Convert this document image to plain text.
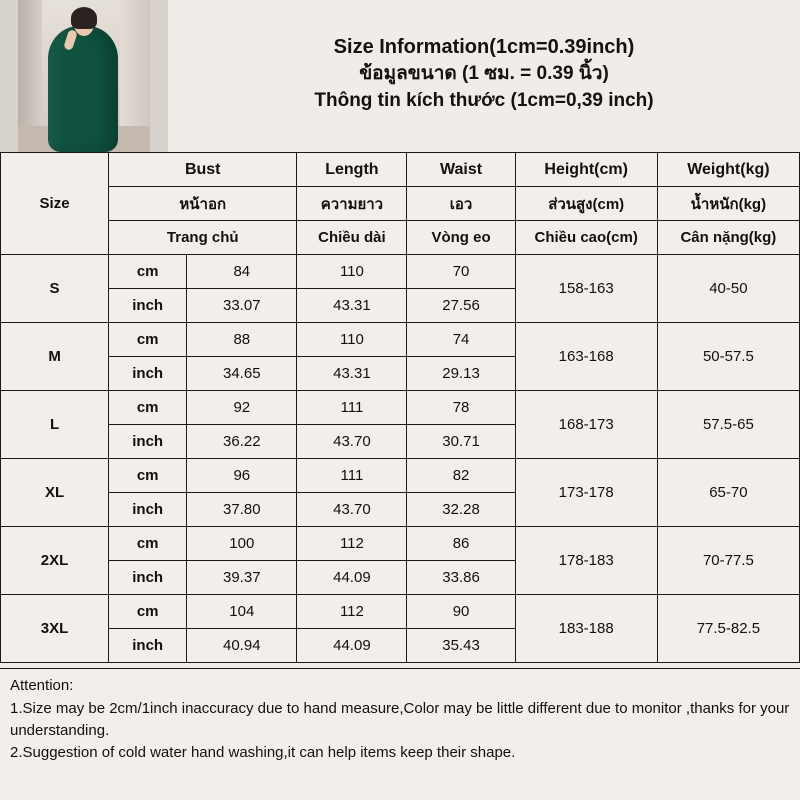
Size Information(1cm=0.39inch)
ข้อมูลขนาด (1 ซม. = 0.39 นิ้ว)
Thông tin kích thước (1cm=0,39 inch)
Size	Bust		Length	Waist	Height(cm)	Weight(kg)
	หน้าอก		ความยาว	เอว	ส่วนสูง(cm)	น้ำหนัก(kg)
	Trang chủ		Chiều dài	Vòng eo	Chiều cao(cm)	Cân nặng(kg)
S	cm	84	110	70	158-163	40-50
	inch	33.07	43.31	27.56		
M	cm	88	110	74	163-168	50-57.5
	inch	34.65	43.31	29.13		
L	cm	92	111	78	168-173	57.5-65
	inch	36.22	43.70	30.71		
XL	cm	96	111	82	173-178	65-70
	inch	37.80	43.70	32.28		
2XL	cm	100	112	86	178-183	70-77.5
	inch	39.37	44.09	33.86		
3XL	cm	104	112	90	183-188	77.5-82.5
	inch	40.94	44.09	35.43		

Attention:

1.Size may be 2cm/1inch inaccuracy due to hand measure,Color may be little different due to monitor ,thanks for your understanding.

2.Suggestion of cold water hand washing,it can help items keep their shape.
